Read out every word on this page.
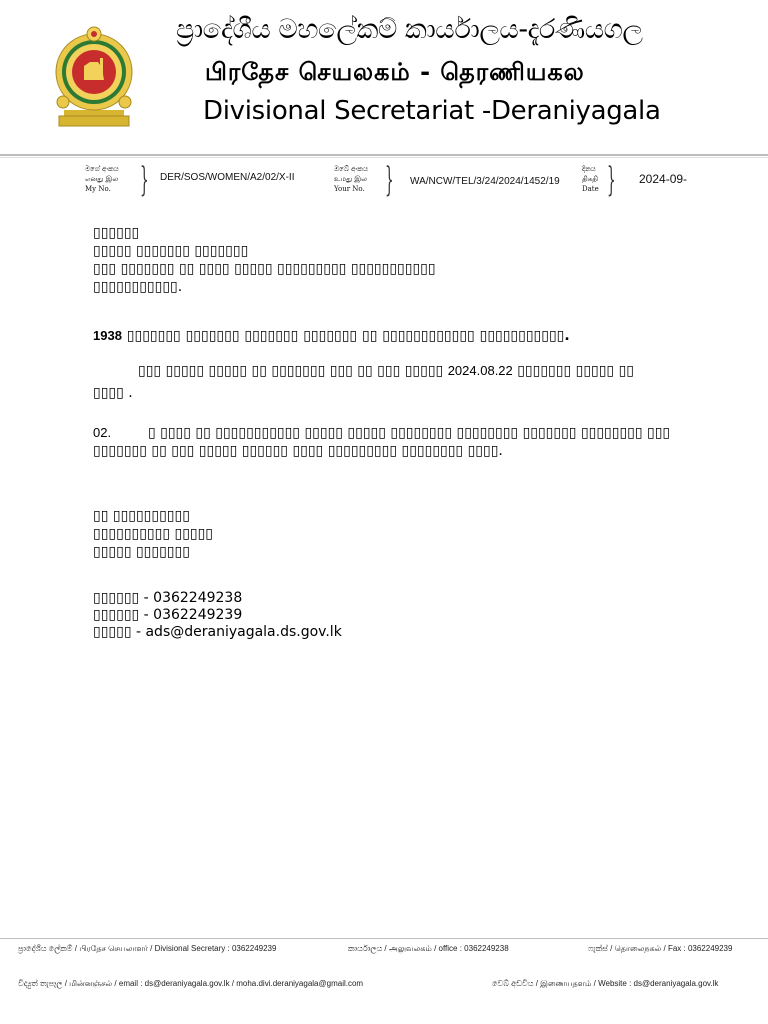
ප්‍රාදේශීය මහලේකම් කාර්යාලය-දැරණියගල
பிரதேச செயலகம் - தெரணியகல
Divisional Secretariat -Deraniyagala
මගේ අංකය
எனது இல
My No. } DER/SOS/WOMEN/A2/02/X-II
ඔබේ අංකය
உமது இல
Your No. } WA/NCW/TEL/3/24/2024/1452/19
දිනය
திகதி
Date } 2024-09-
▯▯▯▯▯▯
▯▯▯▯▯ ▯▯▯▯▯▯▯ ▯▯▯▯▯▯▯
▯▯▯ ▯▯▯▯▯▯▯ ▯▯ ▯▯▯▯ ▯▯▯▯▯ ▯▯▯▯▯▯▯▯▯ ▯▯▯▯▯▯▯▯▯▯▯
▯▯▯▯▯▯▯▯▯▯▯.
1938 ▯▯▯▯▯▯▯ ▯▯▯▯▯▯▯ ▯▯▯▯▯▯▯ ▯▯▯▯▯▯▯ ▯▯ ▯▯▯▯▯▯▯▯▯▯▯▯ ▯▯▯▯▯▯▯▯▯▯▯.
▯▯▯ ▯▯▯▯▯ ▯▯▯▯▯ ▯▯ ▯▯▯▯▯▯▯ ▯▯▯ ▯▯ ▯▯▯ ▯▯▯▯▯ 2024.08.22 ▯▯▯▯▯▯▯ ▯▯▯▯▯ ▯▯
▯▯▯▯ .
02.	▯ ▯▯▯▯ ▯▯ ▯▯▯▯▯▯▯▯▯▯▯ ▯▯▯▯▯ ▯▯▯▯▯ ▯▯▯▯▯▯▯▯ ▯▯▯▯▯▯▯▯ ▯▯▯▯▯▯▯ ▯▯▯▯▯▯▯▯ ▯▯▯
▯▯▯▯▯▯▯ ▯▯ ▯▯▯ ▯▯▯▯▯ ▯▯▯▯▯▯ ▯▯▯▯ ▯▯▯▯▯▯▯▯▯ ▯▯▯▯▯▯▯▯ ▯▯▯▯.
▯▯ ▯▯▯▯▯▯▯▯▯▯
▯▯▯▯▯▯▯▯▯▯ ▯▯▯▯▯
▯▯▯▯▯ ▯▯▯▯▯▯▯
▯▯▯▯▯▯ - 0362249238
▯▯▯▯▯▯ - 0362249239
▯▯▯▯▯ - ads@deraniyagala.ds.gov.lk
ප්‍රාදේශීය ලේකම් / பிரதேச செயலாளர் / Divisional Secretary : 0362249239	කාර්යාලය / அலுவலகம் / office : 0362249238	ෆැක්ස් / தொலைநகல் / Fax : 0362249239
විද්‍යුත් තැපෑල / மின்னஞ்சல் / email : ds@deraniyagala.gov.lk / moha.divi.deraniyagala@gmail.com	වෙබ් අඩවිය / இணையதளம் / Website : ds@deraniyagala.gov.lk
